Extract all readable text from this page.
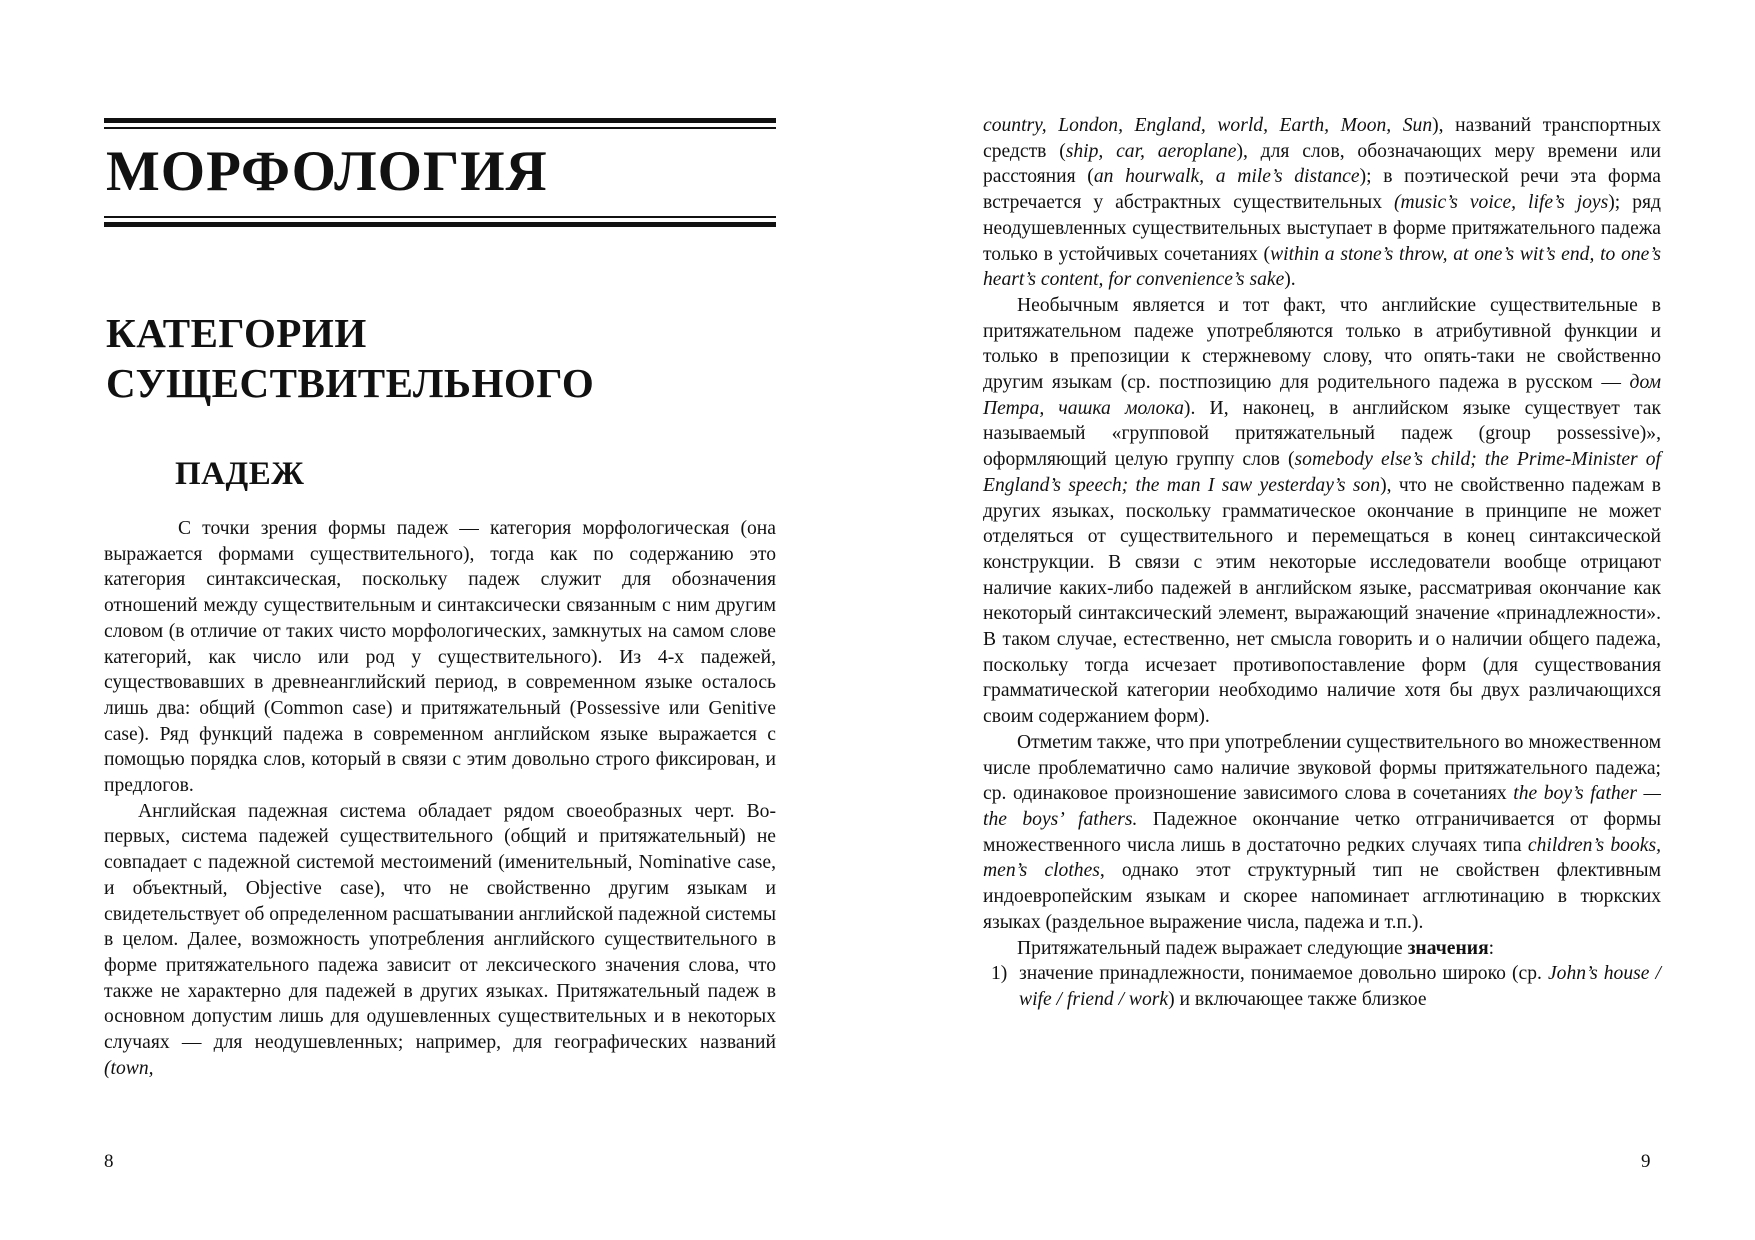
МОРФОЛОГИЯ
КАТЕГОРИИ
СУЩЕСТВИТЕЛЬНОГО
ПАДЕЖ

С точки зрения формы падеж — категория морфологическая (она выражается формами существительного), тогда как по содержанию это категория синтаксическая, поскольку падеж служит для обозначения отношений между существительным и синтаксически связанным с ним другим словом (в отличие от таких чисто морфологических, замкнутых на самом слове категорий, как число или род у существительного). Из 4-х падежей, существовавших в древнеанглийский период, в современном языке осталось лишь два: общий (Common case) и притяжательный (Possessive или Genitive case). Ряд функций падежа в современном английском языке выражается с помощью порядка слов, который в связи с этим довольно строго фиксирован, и предлогов.

Английская падежная система обладает рядом своеобразных черт. Во-первых, система падежей существительного (общий и притяжательный) не совпадает с падежной системой местоимений (именительный, Nominative case, и объектный, Objective case), что не свойственно другим языкам и свидетельствует об определенном расшатывании английской падежной системы в целом. Далее, возможность употребления английского существительного в форме притяжательного падежа зависит от лексического значения слова, что также не характерно для падежей в других языках. Притяжательный падеж в основном допустим лишь для одушевленных существительных и в некоторых случаях — для неодушевленных; например, для географических названий (town,

8

country, London, England, world, Earth, Moon, Sun), названий транспортных средств (ship, car, aeroplane), для слов, обозначающих меру времени или расстояния (an hourwalk, a mile’s distance); в поэтической речи эта форма встречается у абстрактных существительных (music’s voice, life’s joys); ряд неодушевленных существительных выступает в форме притяжательного падежа только в устойчивых сочетаниях (within a stone’s throw, at one’s wit’s end, to one’s heart’s content, for convenience’s sake).

Необычным является и тот факт, что английские существительные в притяжательном падеже употребляются только в атрибутивной функции и только в препозиции к стержневому слову, что опять-таки не свойственно другим языкам (ср. постпозицию для родительного падежа в русском — дом Петра, чашка молока). И, наконец, в английском языке существует так называемый «групповой притяжательный падеж (group possessive)», оформляющий целую группу слов (somebody else’s child; the Prime-Minister of England’s speech; the man I saw yesterday’s son), что не свойственно падежам в других языках, поскольку грамматическое окончание в принципе не может отделяться от существительного и перемещаться в конец синтаксической конструкции. В связи с этим некоторые исследователи вообще отрицают наличие каких-либо падежей в английском языке, рассматривая окончание как некоторый синтаксический элемент, выражающий значение «принадлежности». В таком случае, естественно, нет смысла говорить и о наличии общего падежа, поскольку тогда исчезает противопоставление форм (для существования грамматической категории необходимо наличие хотя бы двух различающихся своим содержанием форм).

Отметим также, что при употреблении существительного во множественном числе проблематично само наличие звуковой формы притяжательного падежа; ср. одинаковое произношение зависимого слова в сочетаниях the boy’s father — the boys’ fathers. Падежное окончание четко отграничивается от формы множественного числа лишь в достаточно редких случаях типа children’s books, men’s clothes, однако этот структурный тип не свойствен флективным индоевропейским языкам и скорее напоминает агглютинацию в тюркских языках (раздельное выражение числа, падежа и т.п.).

Притяжательный падеж выражает следующие значения:

1) значение принадлежности, понимаемое довольно широко (ср. John’s house / wife / friend / work) и включающее также близкое

9
